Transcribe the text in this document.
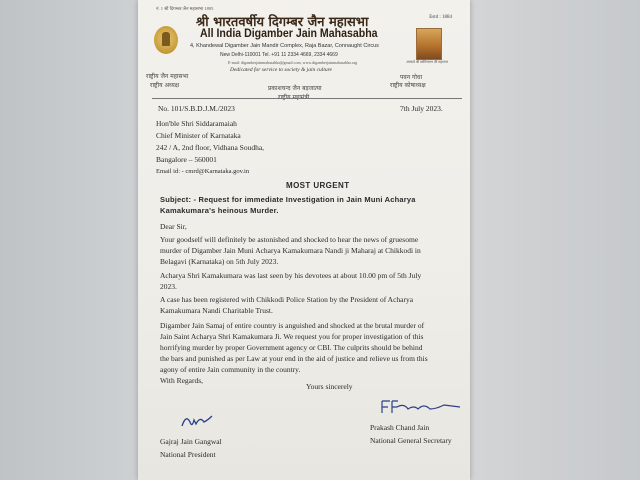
नं. 1 श्री दिगम्बर जैन महासभा 1895
Estd : 1884
आचार्य श्री शांतिसागर जी महाराज
श्री भारतवर्षीय दिगम्बर जैन महासभा
All India Digamber Jain Mahasabha
4, Khandewal Digamber Jain Mandir Complex, Raja Bazar, Connaught Circus
New Delhi-110001 Tel. +91 11 2334 4669, 2334 4669
E-mail: digamberjainmahasabha@gmail.com, www.digamberjainmahasabha.org
Dedicated for service to society & jain culture
राष्ट्रीय जैन महासभा
राष्ट्रीय अध्यक्ष	प्रकाशचन्द जैन बड़जात्या
राष्ट्रीय महामंत्री
पवन गोधा
राष्ट्रीय कोषाध्यक्ष
No. 101/S.B.D.J.M./2023	7th July 2023.
Hon'ble Shri Siddaramaiah
Chief Minister of Karnataka
242 / A, 2nd floor, Vidhana Soudha,
Bangalore – 560001
Email id: - cmrd@Karnataka.gov.in
MOST URGENT
Subject: - Request for immediate Investigation in Jain Muni Acharya
Kamakumara's heinous Murder.
Dear Sir,
Your goodself will definitely be astonished and shocked to hear the news of gruesome
murder of Digamber Jain Muni Acharya Kamakumara Nandi ji Maharaj at Chikkodi in
Belagavi (Karnataka) on 5th July 2023.
Acharya Shri Kamakumara was last seen by his devotees at about 10.00 pm of 5th July
2023.
A case has been registered with Chikkodi Police Station by the President of Acharya
Kamakumara Nandi Charitable Trust.
Digamber Jain Samaj of entire country is anguished and shocked at the brutal murder of
Jain Saint Acharya Shri Kamakumara Ji. We request you for proper investigation of this
horrifying murder by proper Government agency or CBI. The culprits should be behind
the bars and punished as per Law at your end in the aid of justice and relieve us from this
agony of entire Jain community in the country.
With Regards,
Yours sincerely
Gajraj Jain Gangwal
National President
Prakash Chand Jain
National General Secretary
